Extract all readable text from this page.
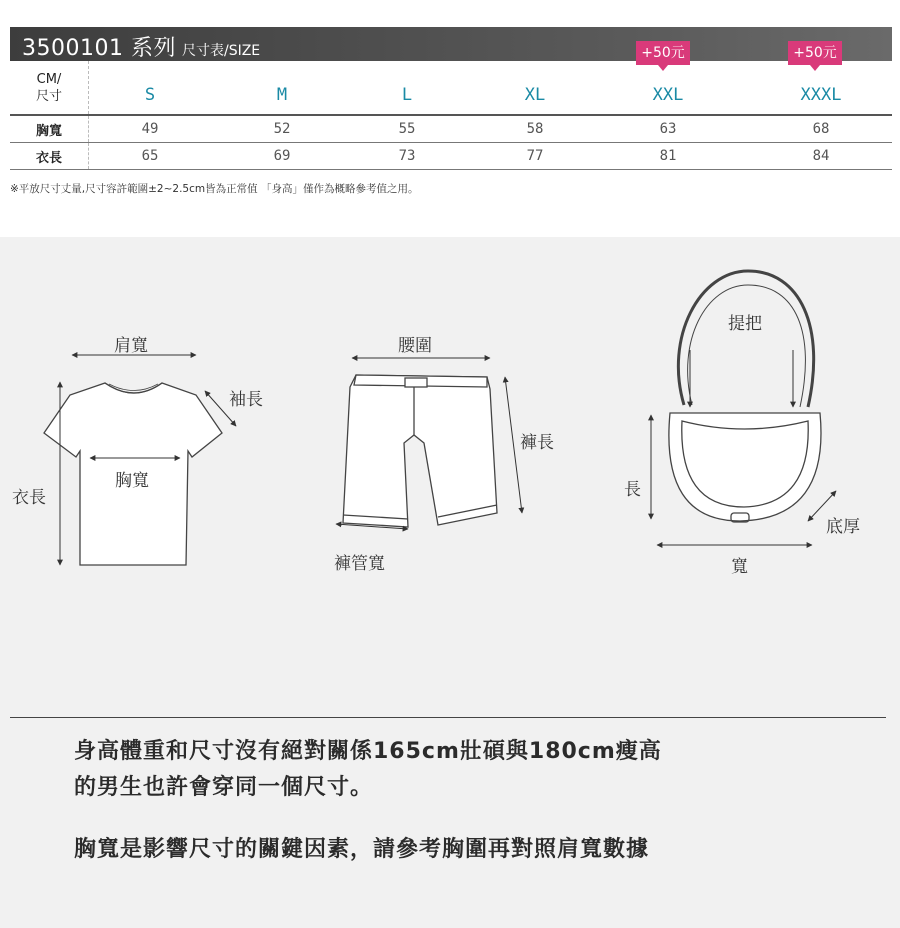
3500101 系列 尺寸表/SIZE	+50元	+50元
CM/
尺寸	S	M	L	XL	XXL	XXXL
胸寬	49	52	55	58	63	68
衣長	65	69	73	77	81	84
※平放尺寸丈量,尺寸容許範圍±2~2.5cm皆為正常值 「身高」僅作為概略參考值之用。
肩寬
袖長
胸寬
衣長
腰圍
褲長
褲管寬
提把
長
底厚
寬
身高體重和尺寸沒有絕對關係165cm壯碩與180cm瘦高
的男生也許會穿同一個尺寸。
胸寬是影響尺寸的關鍵因素，請參考胸圍再對照肩寬數據
